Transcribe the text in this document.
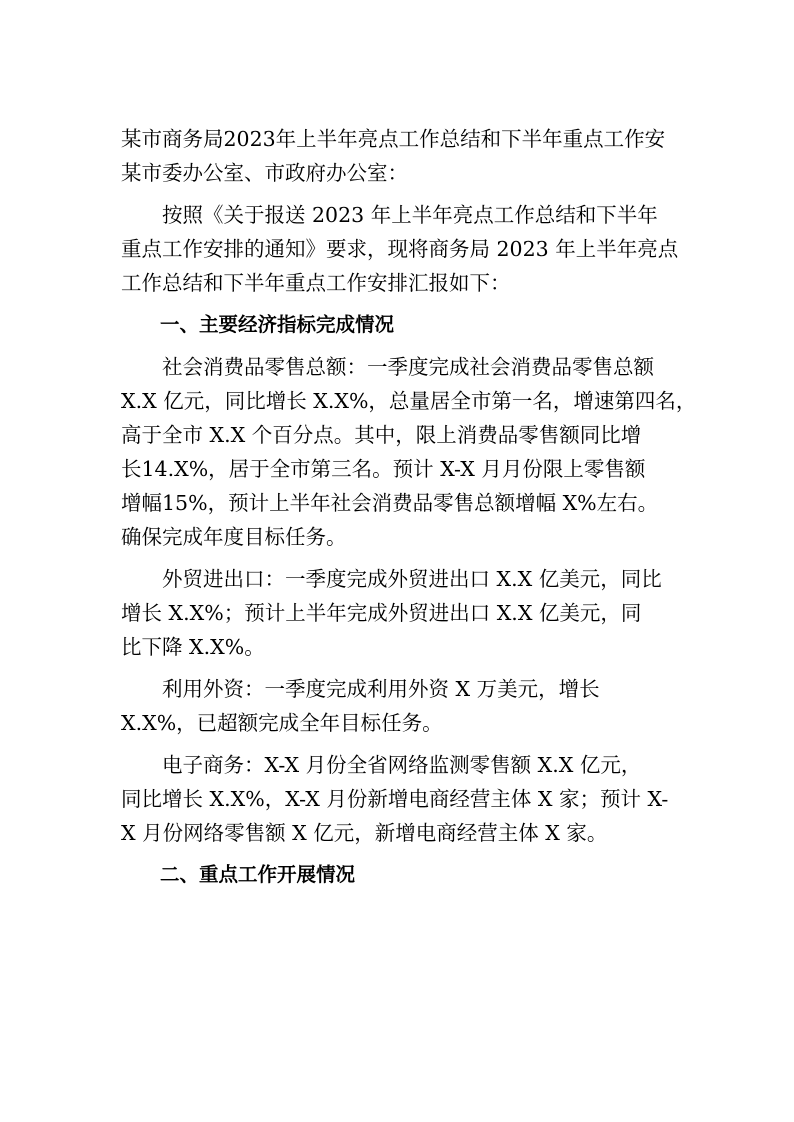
某市商务局2023年上半年亮点工作总结和下半年重点工作安
某市委办公室、市政府办公室：
按照《关于报送 2023 年上半年亮点工作总结和下半年
重点工作安排的通知》要求，现将商务局 2023 年上半年亮点
工作总结和下半年重点工作安排汇报如下：
一、主要经济指标完成情况
社会消费品零售总额：一季度完成社会消费品零售总额
X.X 亿元，同比增长 X.X%，总量居全市第一名，增速第四名，
高于全市 X.X 个百分点。其中，限上消费品零售额同比增
长14.X%，居于全市第三名。预计 X-X 月月份限上零售额
增幅15%，预计上半年社会消费品零售总额增幅 X%左右。
确保完成年度目标任务。
外贸进出口：一季度完成外贸进出口 X.X 亿美元，同比
增长 X.X%；预计上半年完成外贸进出口 X.X 亿美元，同
比下降 X.X%。
利用外资：一季度完成利用外资 X 万美元，增长
X.X%，已超额完成全年目标任务。
电子商务：X-X 月份全省网络监测零售额 X.X 亿元，
同比增长 X.X%，X-X 月份新增电商经营主体 X 家；预计 X-
X 月份网络零售额 X 亿元，新增电商经营主体 X 家。
二、重点工作开展情况
